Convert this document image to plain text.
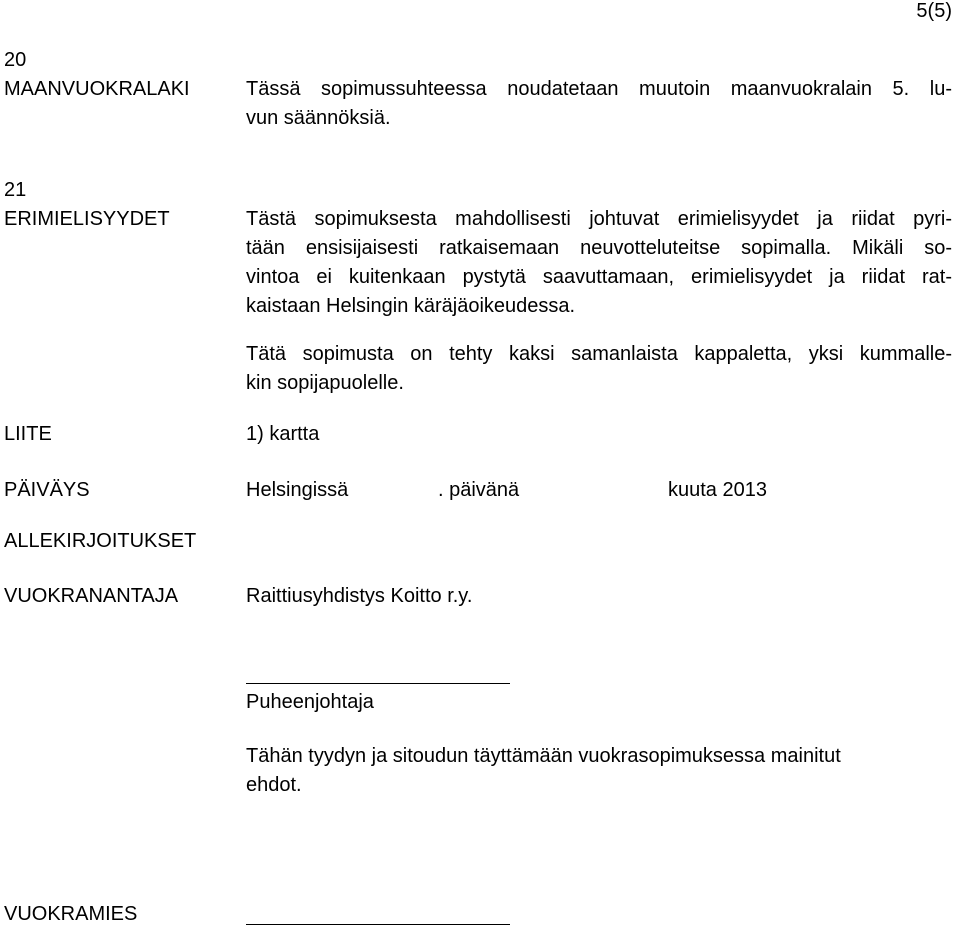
5(5)
20
MAANVUOKRALAKI	Tässä sopimussuhteessa noudatetaan muutoin maanvuokralain 5. lu-
vun säännöksiä.
21
ERIMIELISYYDET	Tästä sopimuksesta mahdollisesti johtuvat erimielisyydet ja riidat pyri-
tään ensisijaisesti ratkaisemaan neuvotteluteitse sopimalla. Mikäli so-
vintoa ei kuitenkaan pystytä saavuttamaan, erimielisyydet ja riidat rat-
kaistaan Helsingin käräjäoikeudessa.
Tätä sopimusta on tehty kaksi samanlaista kappaletta, yksi kummalle-
kin sopijapuolelle.
LIITE	1) kartta
PÄIVÄYS	Helsingissä	. päivänä	kuuta 2013
ALLEKIRJOITUKSET
VUOKRANANTAJA	Raittiusyhdistys Koitto r.y.
Puheenjohtaja
Tähän tyydyn ja sitoudun täyttämään vuokrasopimuksessa mainitut
ehdot.
VUOKRAMIES
